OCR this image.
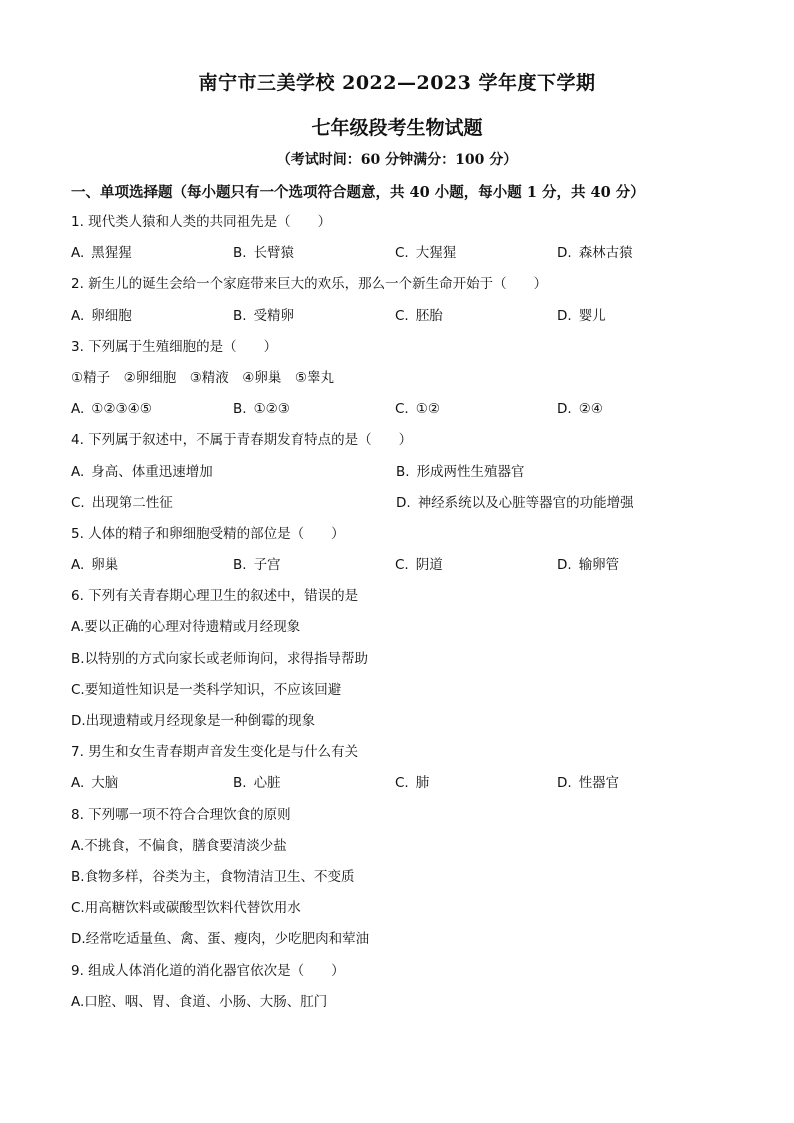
南宁市三美学校 2022—2023 学年度下学期
七年级段考生物试题
（考试时间：60 分钟满分：100 分）
一、单项选择题（每小题只有一个选项符合题意，共 40 小题，每小题 1 分，共 40 分）
1. 现代类人猿和人类的共同祖先是（　　）
A. 黑猩猩	B. 长臂猿	C. 大猩猩	D. 森林古猿
2. 新生儿的诞生会给一个家庭带来巨大的欢乐，那么一个新生命开始于（　　）
A. 卵细胞	B. 受精卵	C. 胚胎	D. 婴儿
3. 下列属于生殖细胞的是（　　）
①精子　②卵细胞　③精液　④卵巢　⑤睾丸
A. ①②③④⑤	B. ①②③	C. ①②	D. ②④
4. 下列属于叙述中，不属于青春期发育特点的是（　　）
A. 身高、体重迅速增加	B. 形成两性生殖器官
C. 出现第二性征	D. 神经系统以及心脏等器官的功能增强
5. 人体的精子和卵细胞受精的部位是（　　）
A. 卵巢	B. 子宫	C. 阴道	D. 输卵管
6. 下列有关青春期心理卫生的叙述中，错误的是
A.要以正确的心理对待遗精或月经现象
B.以特别的方式向家长或老师询问，求得指导帮助
C.要知道性知识是一类科学知识，不应该回避
D.出现遗精或月经现象是一种倒霉的现象
7. 男生和女生青春期声音发生变化是与什么有关
A. 大脑	B. 心脏	C. 肺	D. 性器官
8. 下列哪一项不符合合理饮食的原则
A.不挑食，不偏食，膳食要清淡少盐
B.食物多样，谷类为主，食物清洁卫生、不变质
C.用高糖饮料或碳酸型饮料代替饮用水
D.经常吃适量鱼、禽、蛋、瘦肉，少吃肥肉和荤油
9. 组成人体消化道的消化器官依次是（　　）
A.口腔、咽、胃、食道、小肠、大肠、肛门
